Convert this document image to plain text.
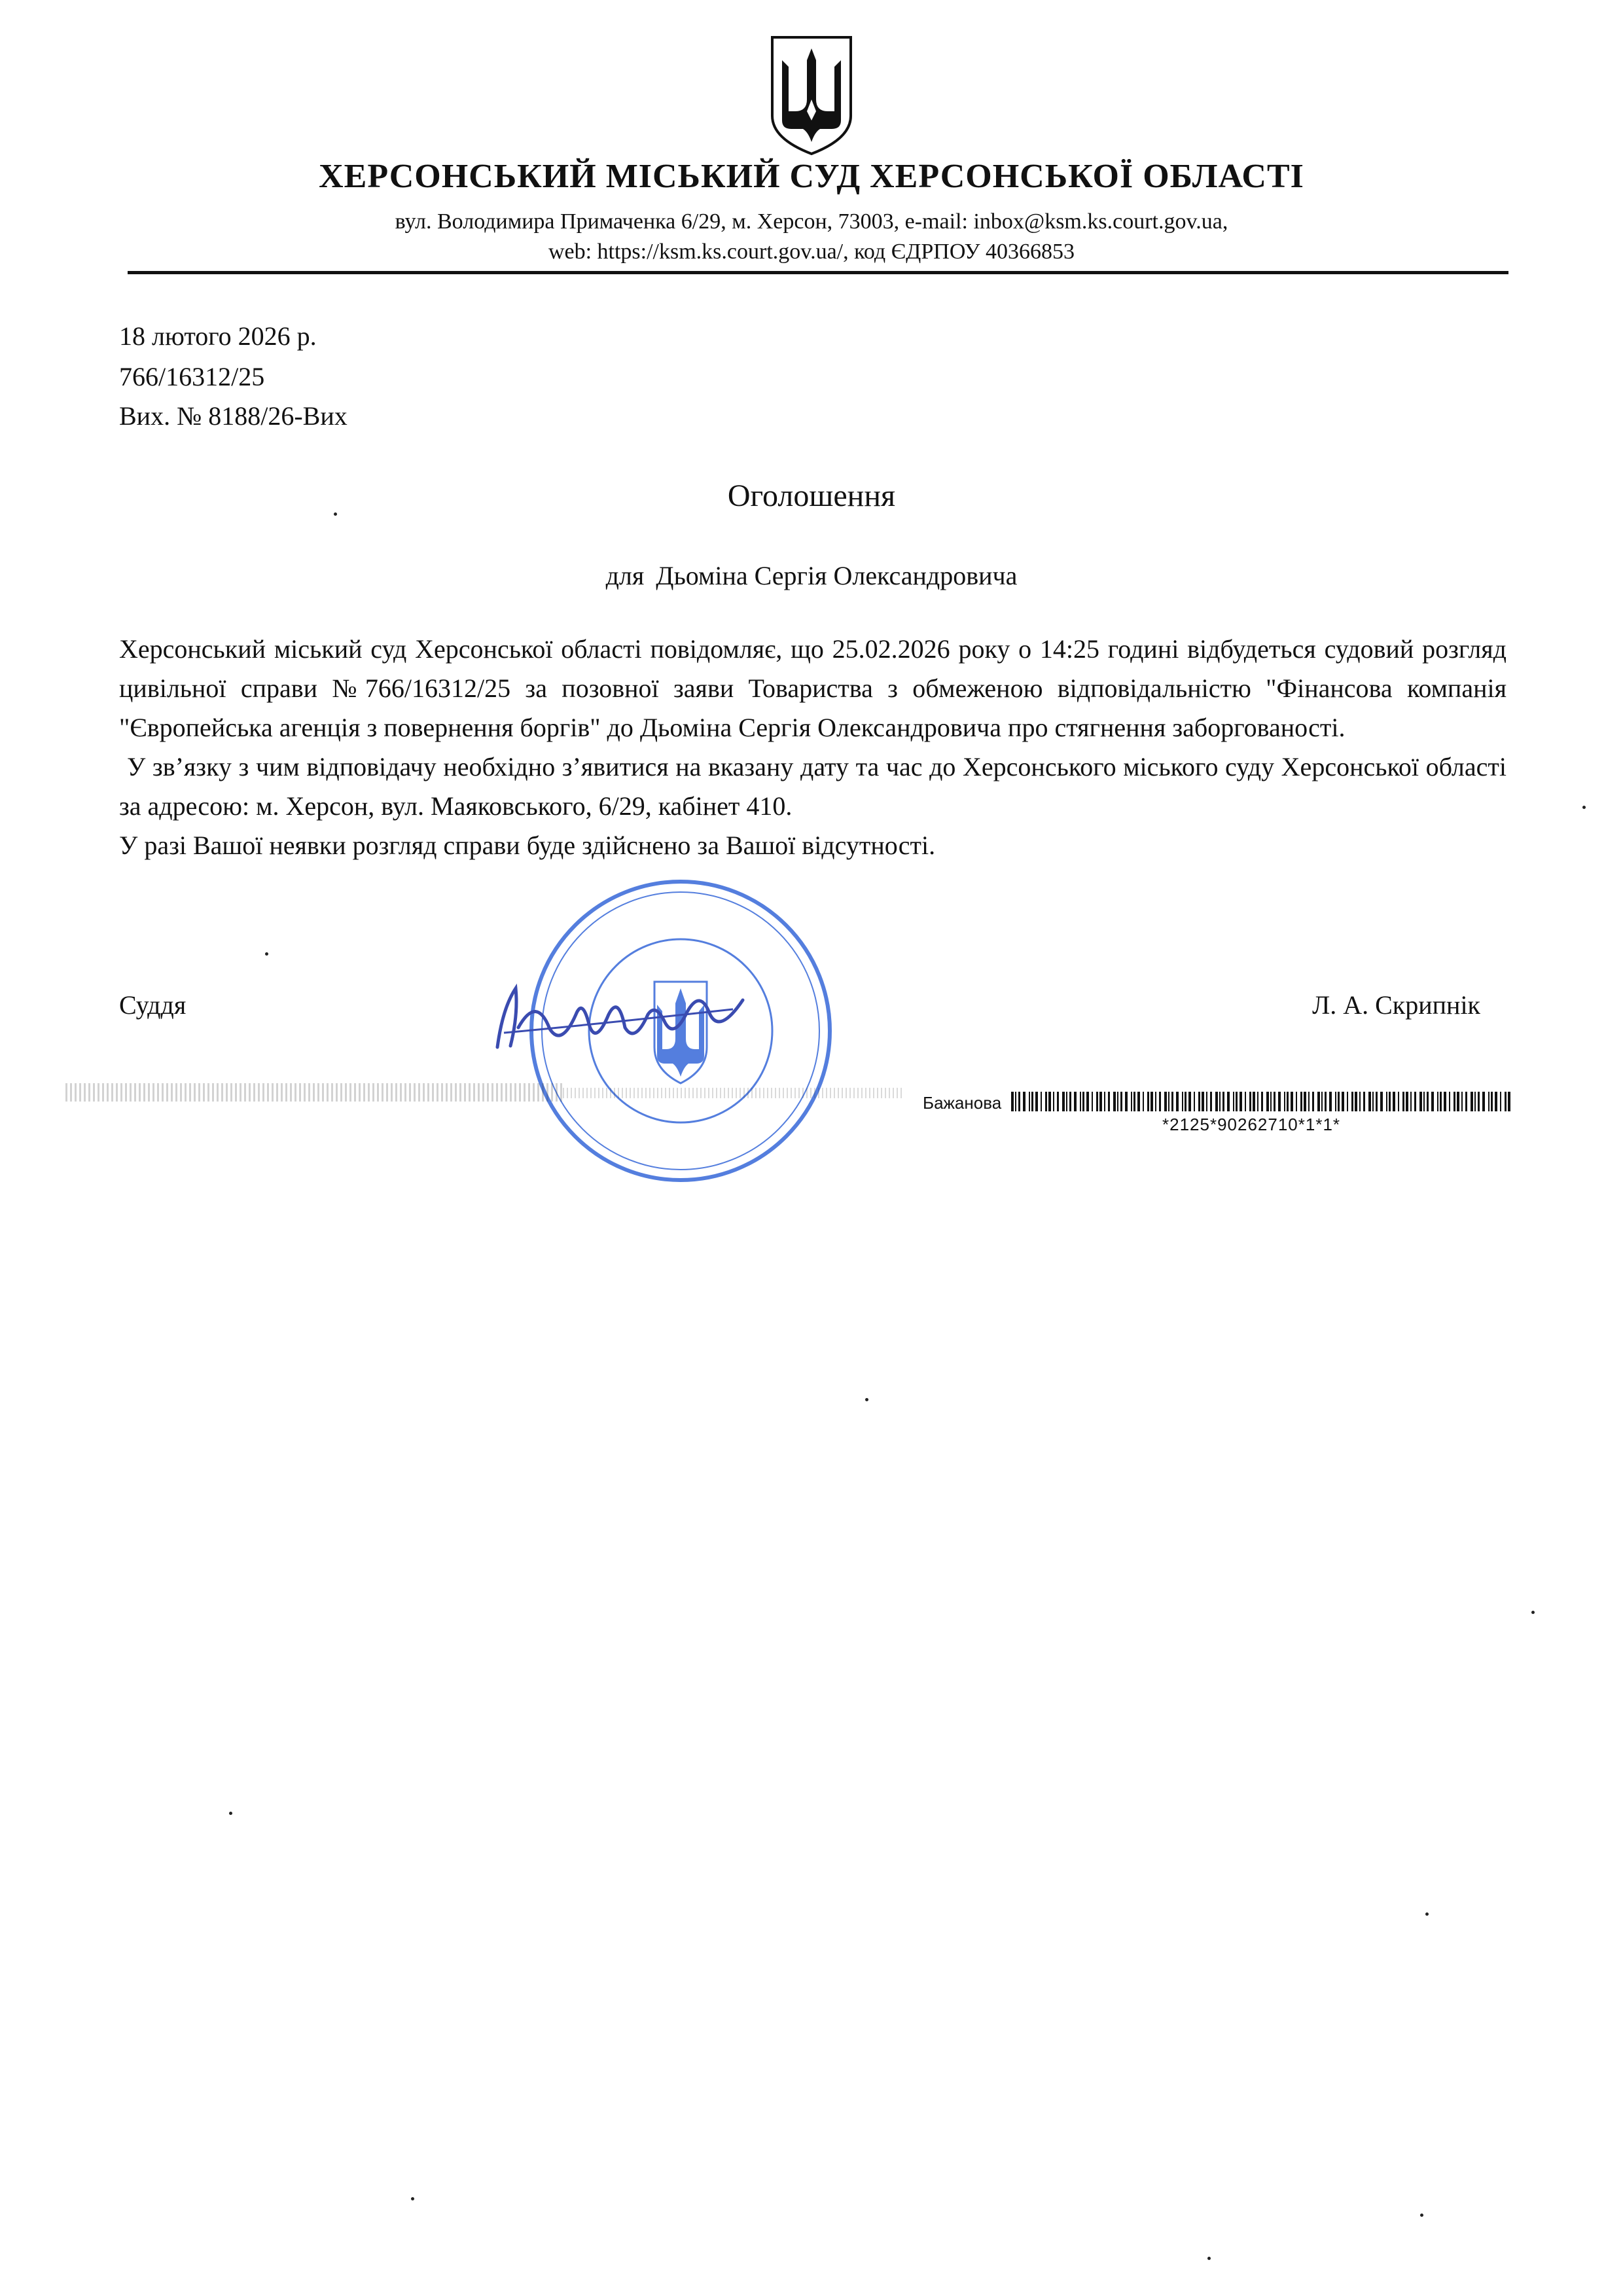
ХЕРСОНСЬКИЙ МІСЬКИЙ СУД ХЕРСОНСЬКОЇ ОБЛАСТІ
вул. Володимира Примаченка 6/29, м. Херсон, 73003, e-mail: inbox@ksm.ks.court.gov.ua,
web: https://ksm.ks.court.gov.ua/, код ЄДРПОУ 40366853
18 лютого 2026 р.
766/16312/25
Вих. № 8188/26-Вих
Оголошення
для Дьоміна Сергія Олександровича

Херсонський міський суд Херсонської області повідомляє, що 25.02.2026 року о 14:25 годині відбудеться судовий розгляд цивільної справи №766/16312/25 за позовної заяви Товариства з обмеженою відповідальністю "Фінансова компанія "Європейська агенція з повернення боргів" до Дьоміна Сергія Олександровича про стягнення заборгованості.

У зв’язку з чим відповідачу необхідно з’явитися на вказану дату та час до Херсонського міського суду Херсонської області за адресою: м. Херсон, вул. Маяковського, 6/29, кабінет 410.

У разі Вашої неявки розгляд справи буде здійснено за Вашої відсутності.

Суддя	Л. А. Скрипнік
Бажанова
*2125*90262710*1*1*
